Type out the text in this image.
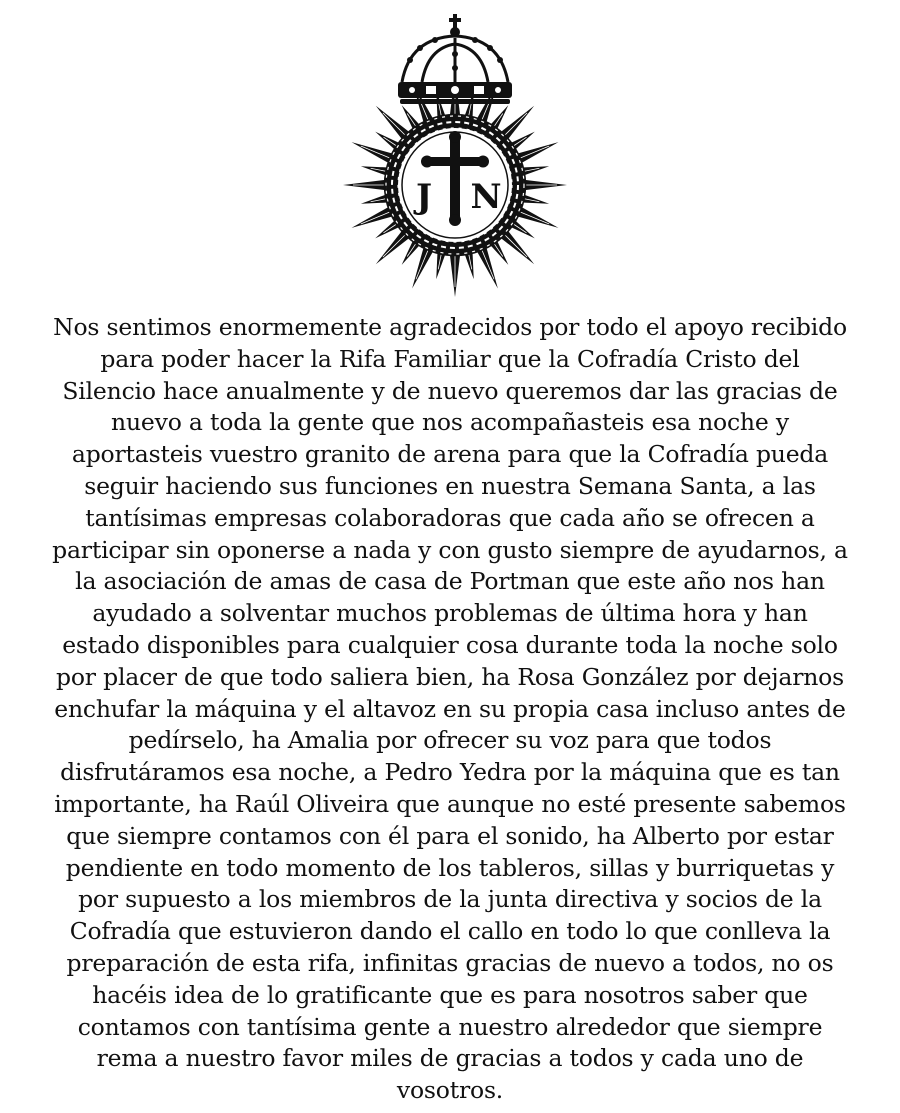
J N

Nos sentimos enormemente agradecidos por todo el apoyo recibido
para poder hacer la Rifa Familiar que la Cofradía Cristo del
Silencio hace anualmente y de nuevo queremos dar las gracias de
nuevo a toda la gente que nos acompañasteis esa noche y
aportasteis vuestro granito de arena para que la Cofradía pueda
seguir haciendo sus funciones en nuestra Semana Santa, a las
tantísimas empresas colaboradoras que cada año se ofrecen a
participar sin oponerse a nada y con gusto siempre de ayudarnos, a
la asociación de amas de casa de Portman que este año nos han
ayudado a solventar muchos problemas de última hora y han
estado disponibles para cualquier cosa durante toda la noche solo
por placer de que todo saliera bien, ha Rosa González por dejarnos
enchufar la máquina y el altavoz en su propia casa incluso antes de
pedírselo, ha Amalia por ofrecer su voz para que todos
disfrutáramos esa noche, a Pedro Yedra por la máquina que es tan
importante, ha Raúl Oliveira que aunque no esté presente sabemos
que siempre contamos con él para el sonido, ha Alberto por estar
pendiente en todo momento de los tableros, sillas y burriquetas y
por supuesto a los miembros de la junta directiva y socios de la
Cofradía que estuvieron dando el callo en todo lo que conlleva la
preparación de esta rifa, infinitas gracias de nuevo a todos, no os
hacéis idea de lo gratificante que es para nosotros saber que
contamos con tantísima gente a nuestro alrededor que siempre
rema a nuestro favor miles de gracias a todos y cada uno de
vosotros.
